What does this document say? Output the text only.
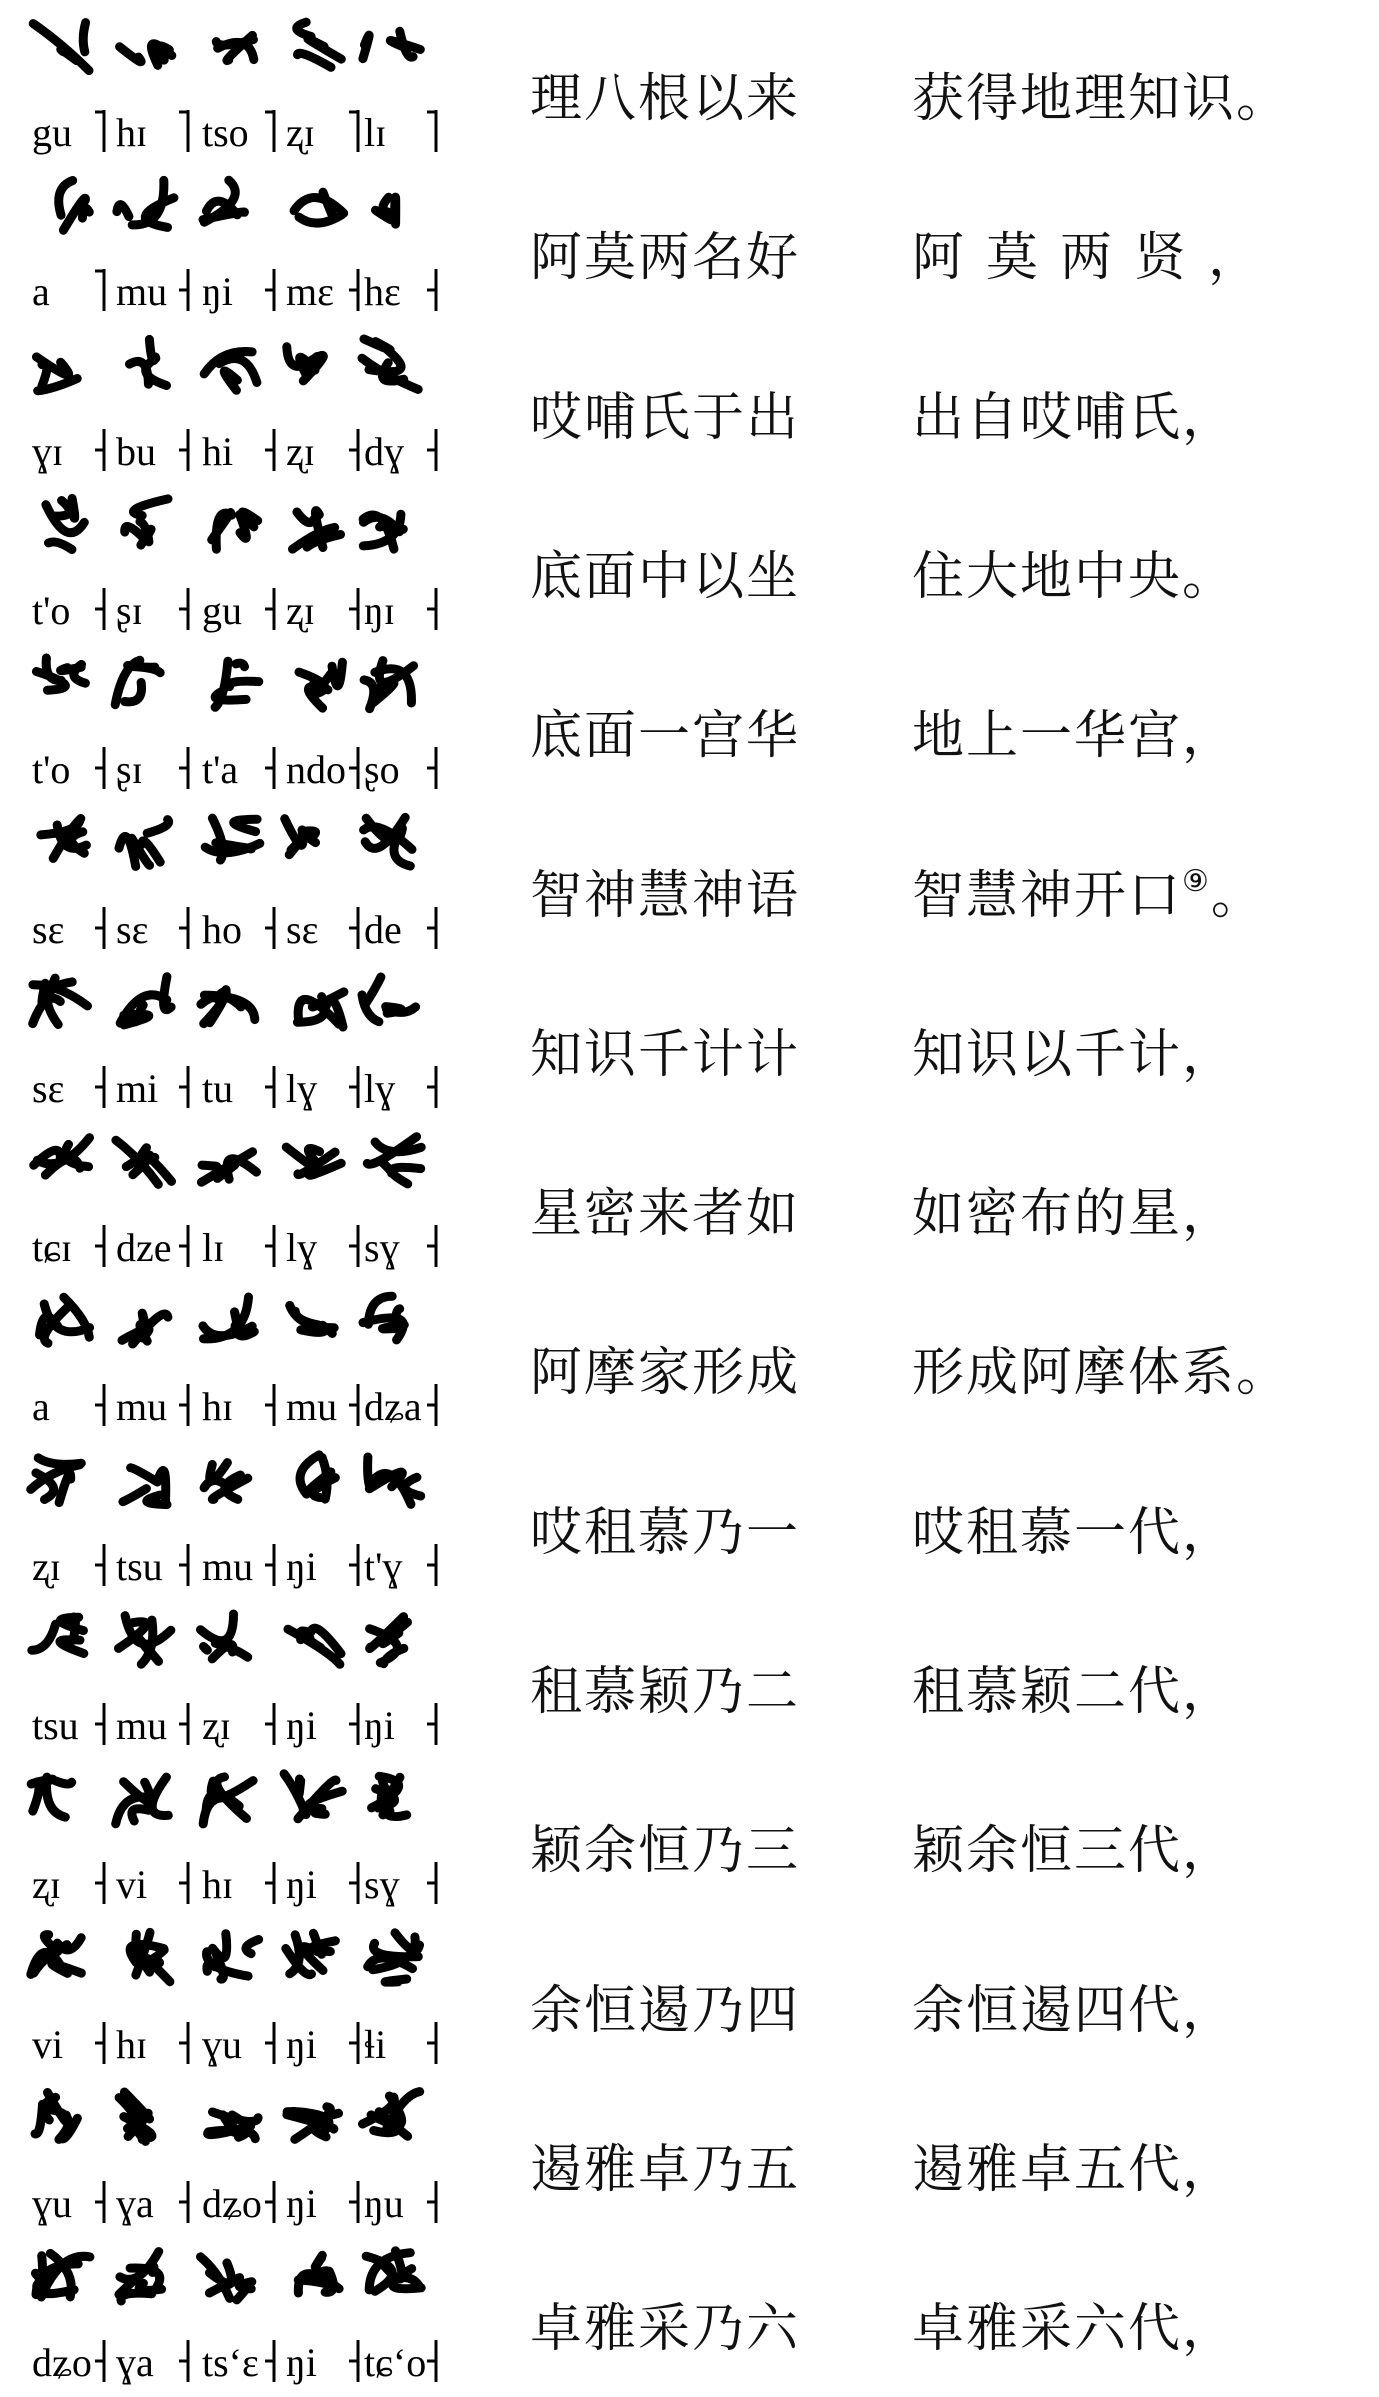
gu hɪ tso ʐɪ lɪ
理八根以来 获得地理知识。
a mu ŋi mɛ hɛ
阿莫两名好 阿莫两贤，
ɣɪ bu hi ʐɪ dɣ
哎哺氏于出 出自哎哺氏，
t'o ʂɪ gu ʐɪ ŋɪ
底面中以坐 住大地中央。
t'o ʂɪ t'a ndo ʂo
底面一宫华 地上一华宫，
sɛ sɛ ho sɛ de
智神慧神语 智慧神开口⑨。
sɛ mi tu lɣ lɣ
知识千计计 知识以千计，
tɕɪ dze lɪ lɣ sɣ
星密来者如 如密布的星，
a mu hɪ mu dʑa
阿摩家形成 形成阿摩体系。
ʐɪ tsu mu ŋi t'ɣ
哎租慕乃一 哎租慕一代，
tsu mu ʐɪ ŋi ŋi
租慕颖乃二 租慕颖二代，
ʐɪ vi hɪ ŋi sɣ
颖余恒乃三 颖余恒三代，
vi hɪ ɣu ŋi ɬi
余恒遏乃四 余恒遏四代，
ɣu ɣa dʑo ŋi ŋu
遏雅卓乃五 遏雅卓五代，
dʑo ɣa tsʻɛ ŋi tɕʻo
卓雅采乃六 卓雅采六代，
